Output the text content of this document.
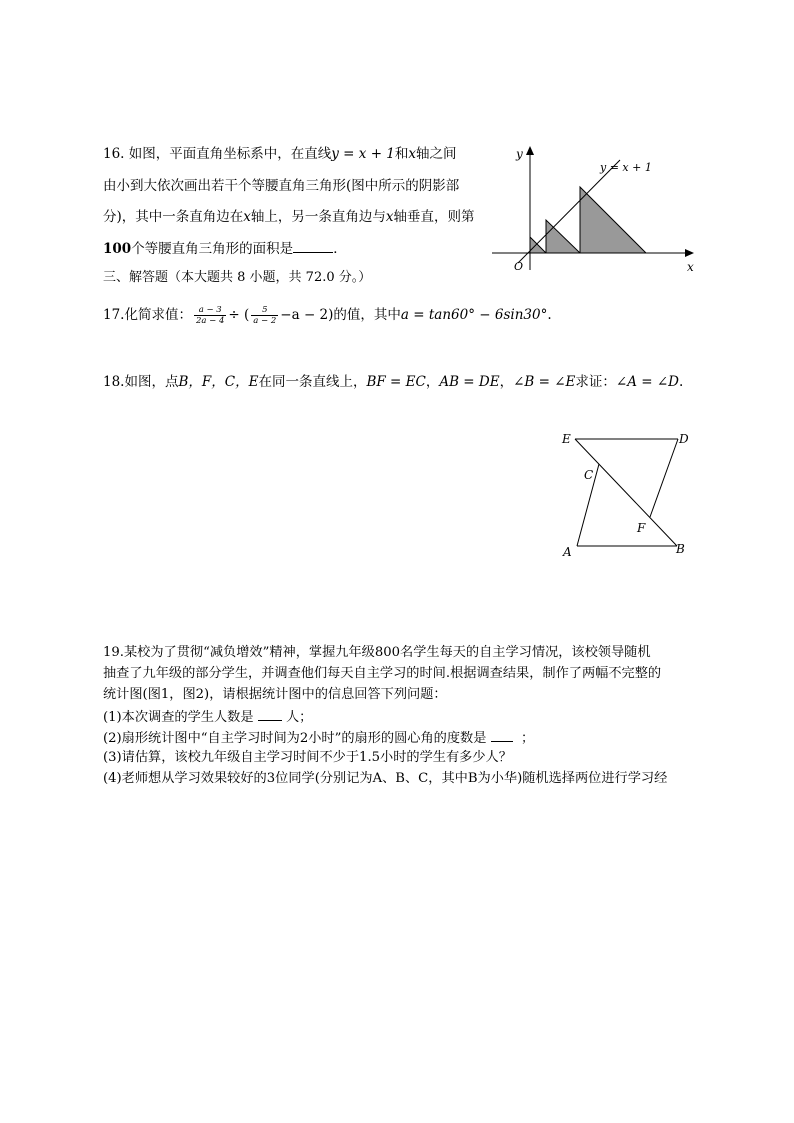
16. 如图，平面直角坐标系中，在直线y = x + 1和x轴之间
由小到大依次画出若干个等腰直角三角形(图中所示的阴影部
分)，其中一条直角边在x轴上，另一条直角边与x轴垂直，则第
100个等腰直角三角形的面积是	．
y
x
O
y = x + 1
三、解答题（本大题共 8 小题，共 72.0 分。）
17.化简求值： $\frac{a - 3}{2a - 4}$ ÷ ( $\frac{5}{a - 2} -a - 2$)的值，其中a = tan60° − 6sin30°.
18.如图，点B，F，C，E在同一条直线上，BF = EC，AB = DE，∠B = ∠E求证：∠A = ∠D.
E	D
C
F
A	B
19.某校为了贯彻“减负增效”精神，掌握九年级800名学生每天的自主学习情况，该校领导随机
抽查了九年级的部分学生，并调查他们每天自主学习的时间.根据调查结果，制作了两幅不完整的
统计图(图1，图2)，请根据统计图中的信息回答下列问题：
(1)本次调查的学生人数是 人；
(2)扇形统计图中“自主学习时间为2小时”的扇形的圆心角的度数是	；
(3)请估算，该校九年级自主学习时间不少于1.5小时的学生有多少人？
(4)老师想从学习效果较好的3位同学(分别记为A、B、C，其中B为小华)随机选择两位进行学习经
